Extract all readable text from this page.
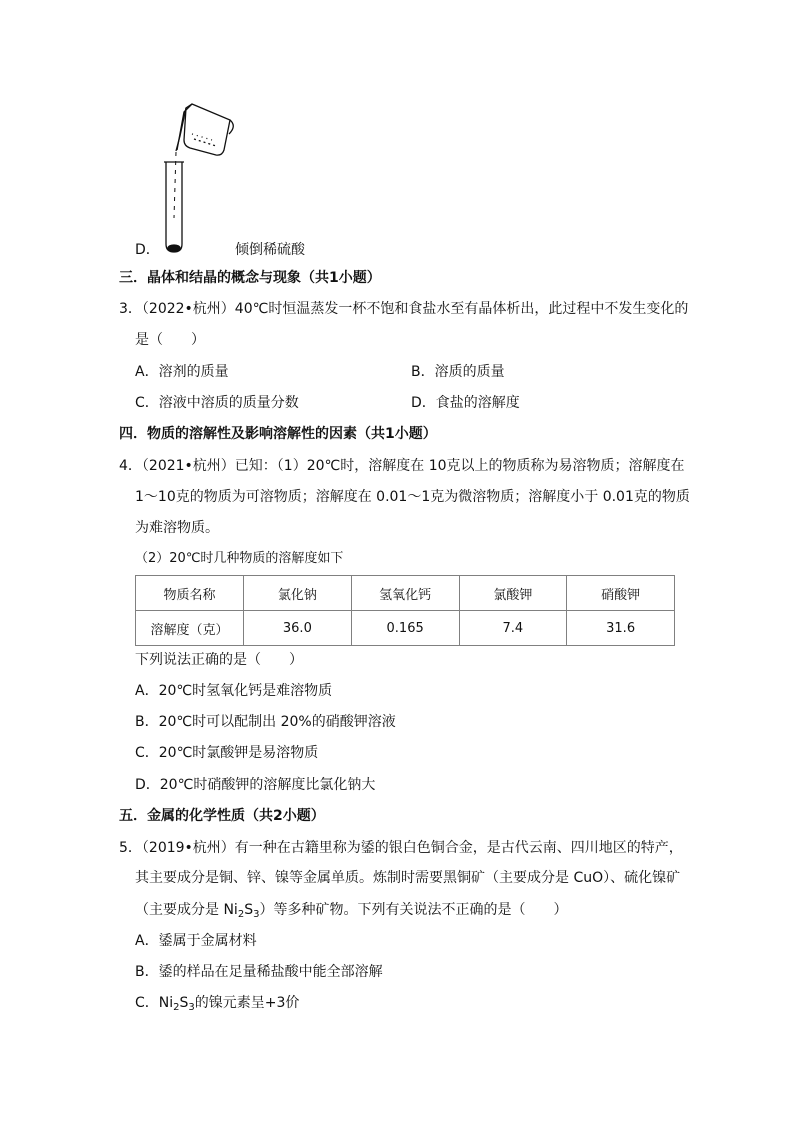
D．	倾倒稀硫酸
三．晶体和结晶的概念与现象（共1小题）
3．（2022•杭州）40℃时恒温蒸发一杯不饱和食盐水至有晶体析出，此过程中不发生变化的
是（　　）
A．溶剂的质量	B．溶质的质量
C．溶液中溶质的质量分数	D．食盐的溶解度
四．物质的溶解性及影响溶解性的因素（共1小题）
4．（2021•杭州）已知：（1）20℃时，溶解度在 10克以上的物质称为易溶物质；溶解度在
1～10克的物质为可溶物质；溶解度在 0.01～1克为微溶物质；溶解度小于 0.01克的物质
为难溶物质。
（2）20℃时几种物质的溶解度如下
物质名称	氯化钠	氢氧化钙	氯酸钾	硝酸钾
溶解度（克）	36.0	0.165	7.4	31.6
下列说法正确的是（　　）
A．20℃时氢氧化钙是难溶物质
B．20℃时可以配制出 20%的硝酸钾溶液
C．20℃时氯酸钾是易溶物质
D．20℃时硝酸钾的溶解度比氯化钠大
五．金属的化学性质（共2小题）
5．（2019•杭州）有一种在古籍里称为鋈的银白色铜合金，是古代云南、四川地区的特产，
其主要成分是铜、锌、镍等金属单质。炼制时需要黑铜矿（主要成分是 CuO）、硫化镍矿
（主要成分是 $Ni_2S_3$）等多种矿物。下列有关说法不正确的是（　　）
A．鋈属于金属材料
B．鋈的样品在足量稀盐酸中能全部溶解
C．$Ni_2S_3$的镍元素呈+3价
